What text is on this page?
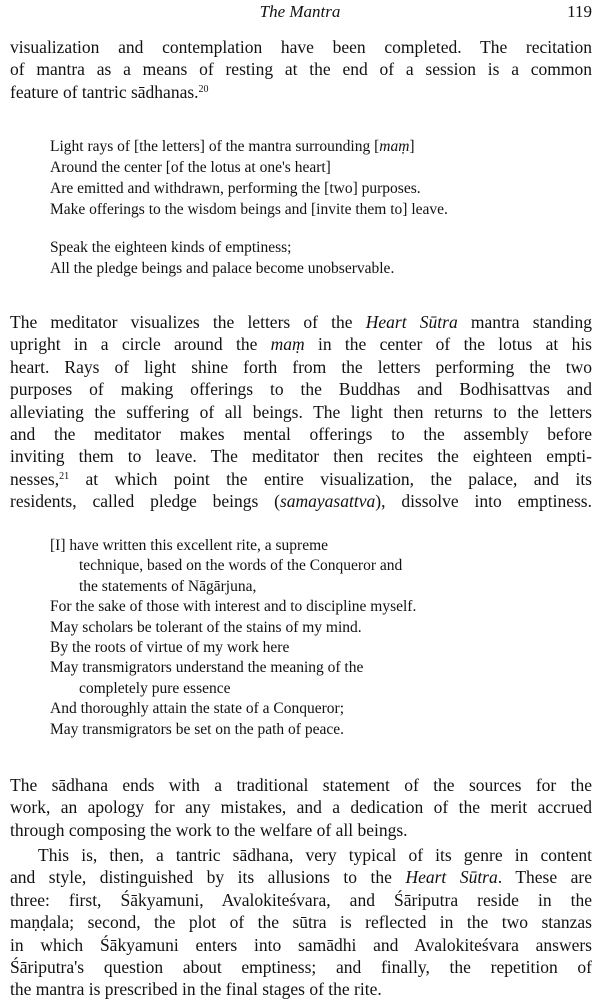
The Mantra	119
visualization and contemplation have been completed. The recitation
of mantra as a means of resting at the end of a session is a common
feature of tantric sādhanas.$^{20}$
Light rays of [the letters] of the mantra surrounding [maṃ]
Around the center [of the lotus at one's heart]
Are emitted and withdrawn, performing the [two] purposes.
Make offerings to the wisdom beings and [invite them to] leave.
Speak the eighteen kinds of emptiness;
All the pledge beings and palace become unobservable.
The meditator visualizes the letters of the Heart Sūtra mantra standing
upright in a circle around the maṃ in the center of the lotus at his
heart. Rays of light shine forth from the letters performing the two
purposes of making offerings to the Buddhas and Bodhisattvas and
alleviating the suffering of all beings. The light then returns to the letters
and the meditator makes mental offerings to the assembly before
inviting them to leave. The meditator then recites the eighteen empti-
nesses,$^{21}$ at which point the entire visualization, the palace, and its
residents, called pledge beings (samayasattva), dissolve into emptiness.
[I] have written this excellent rite, a supreme
technique, based on the words of the Conqueror and
the statements of Nāgārjuna,
For the sake of those with interest and to discipline myself.
May scholars be tolerant of the stains of my mind.
By the roots of virtue of my work here
May transmigrators understand the meaning of the
completely pure essence
And thoroughly attain the state of a Conqueror;
May transmigrators be set on the path of peace.
The sādhana ends with a traditional statement of the sources for the
work, an apology for any mistakes, and a dedication of the merit accrued
through composing the work to the welfare of all beings.
This is, then, a tantric sādhana, very typical of its genre in content
and style, distinguished by its allusions to the Heart Sūtra. These are
three: first, Śākyamuni, Avalokiteśvara, and Śāriputra reside in the
maṇḍala; second, the plot of the sūtra is reflected in the two stanzas
in which Śākyamuni enters into samādhi and Avalokiteśvara answers
Śāriputra's question about emptiness; and finally, the repetition of
the mantra is prescribed in the final stages of the rite.
